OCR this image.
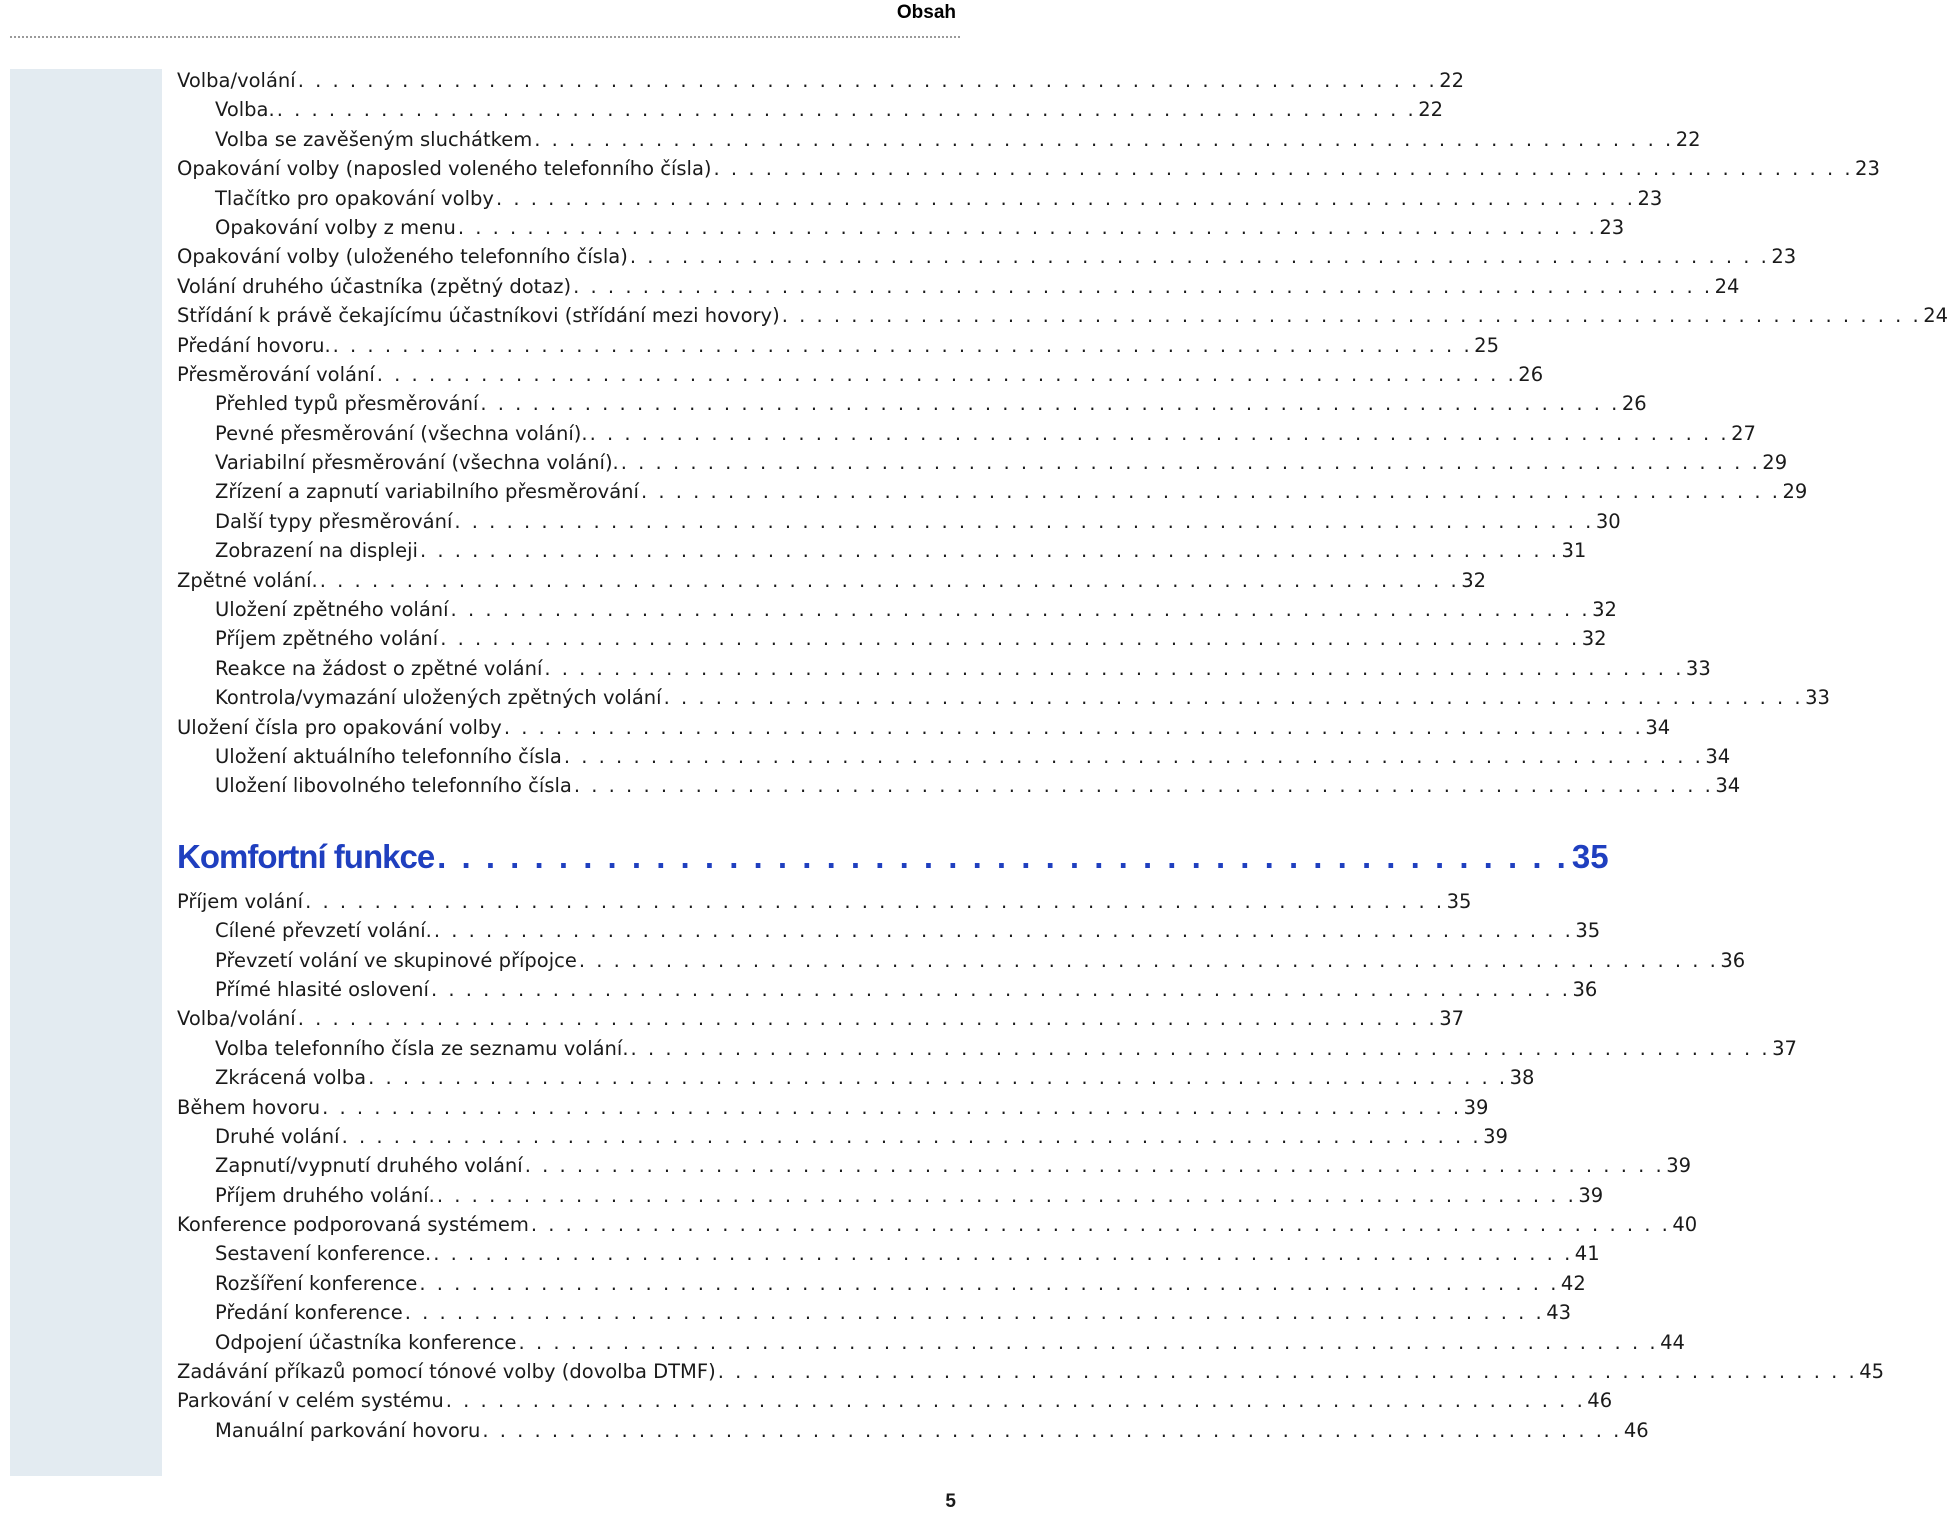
Obsah
Volba/volání . . . . . . . . . . . . . . . . . . . . . . . . . . . . . . . . . . . . . . . . . . . . . . . . . . . . . . . . . . . . . . . . . . 22
Volba. . . . . . . . . . . . . . . . . . . . . . . . . . . . . . . . . . . . . . . . . . . . . . . . . . . . . . . . . . . . . . . . . . . 22
Volba se zavěšeným sluchátkem . . . . . . . . . . . . . . . . . . . . . . . . . . . . . . . . . . . . . . . . . . . . . . . . . . . . . . . . . . . . . . . . . . 22
Opakování volby (naposled voleného telefonního čísla) . . . . . . . . . . . . . . . . . . . . . . . . . . . . . . . . . . . . . . . . . . . . . . . . . . . . . . . . . . . . . . . . . . 23
Tlačítko pro opakování volby . . . . . . . . . . . . . . . . . . . . . . . . . . . . . . . . . . . . . . . . . . . . . . . . . . . . . . . . . . . . . . . . . . 23
Opakování volby z menu . . . . . . . . . . . . . . . . . . . . . . . . . . . . . . . . . . . . . . . . . . . . . . . . . . . . . . . . . . . . . . . . . . 23
Opakování volby (uloženého telefonního čísla) . . . . . . . . . . . . . . . . . . . . . . . . . . . . . . . . . . . . . . . . . . . . . . . . . . . . . . . . . . . . . . . . . . 23
Volání druhého účastníka (zpětný dotaz) . . . . . . . . . . . . . . . . . . . . . . . . . . . . . . . . . . . . . . . . . . . . . . . . . . . . . . . . . . . . . . . . . . 24
Střídání k právě čekajícímu účastníkovi (střídání mezi hovory) . . . . . . . . . . . . . . . . . . . . . . . . . . . . . . . . . . . . . . . . . . . . . . . . . . . . . . . . . . . . . . . . . . 24
Předání hovoru. . . . . . . . . . . . . . . . . . . . . . . . . . . . . . . . . . . . . . . . . . . . . . . . . . . . . . . . . . . . . . . . . . . 25
Přesměrování volání . . . . . . . . . . . . . . . . . . . . . . . . . . . . . . . . . . . . . . . . . . . . . . . . . . . . . . . . . . . . . . . . . . 26
Přehled typů přesměrování . . . . . . . . . . . . . . . . . . . . . . . . . . . . . . . . . . . . . . . . . . . . . . . . . . . . . . . . . . . . . . . . . . 26
Pevné přesměrování (všechna volání). . . . . . . . . . . . . . . . . . . . . . . . . . . . . . . . . . . . . . . . . . . . . . . . . . . . . . . . . . . . . . . . . . . 27
Variabilní přesměrování (všechna volání). . . . . . . . . . . . . . . . . . . . . . . . . . . . . . . . . . . . . . . . . . . . . . . . . . . . . . . . . . . . . . . . . . . 29
Zřízení a zapnutí variabilního přesměrování . . . . . . . . . . . . . . . . . . . . . . . . . . . . . . . . . . . . . . . . . . . . . . . . . . . . . . . . . . . . . . . . . . 29
Další typy přesměrování . . . . . . . . . . . . . . . . . . . . . . . . . . . . . . . . . . . . . . . . . . . . . . . . . . . . . . . . . . . . . . . . . . 30
Zobrazení na displeji . . . . . . . . . . . . . . . . . . . . . . . . . . . . . . . . . . . . . . . . . . . . . . . . . . . . . . . . . . . . . . . . . . 31
Zpětné volání. . . . . . . . . . . . . . . . . . . . . . . . . . . . . . . . . . . . . . . . . . . . . . . . . . . . . . . . . . . . . . . . . . . 32
Uložení zpětného volání . . . . . . . . . . . . . . . . . . . . . . . . . . . . . . . . . . . . . . . . . . . . . . . . . . . . . . . . . . . . . . . . . . 32
Příjem zpětného volání . . . . . . . . . . . . . . . . . . . . . . . . . . . . . . . . . . . . . . . . . . . . . . . . . . . . . . . . . . . . . . . . . . 32
Reakce na žádost o zpětné volání . . . . . . . . . . . . . . . . . . . . . . . . . . . . . . . . . . . . . . . . . . . . . . . . . . . . . . . . . . . . . . . . . . 33
Kontrola/vymazání uložených zpětných volání . . . . . . . . . . . . . . . . . . . . . . . . . . . . . . . . . . . . . . . . . . . . . . . . . . . . . . . . . . . . . . . . . . 33
Uložení čísla pro opakování volby . . . . . . . . . . . . . . . . . . . . . . . . . . . . . . . . . . . . . . . . . . . . . . . . . . . . . . . . . . . . . . . . . . 34
Uložení aktuálního telefonního čísla . . . . . . . . . . . . . . . . . . . . . . . . . . . . . . . . . . . . . . . . . . . . . . . . . . . . . . . . . . . . . . . . . . 34
Uložení libovolného telefonního čísla . . . . . . . . . . . . . . . . . . . . . . . . . . . . . . . . . . . . . . . . . . . . . . . . . . . . . . . . . . . . . . . . . . 34
Komfortní funkce . . . . . . . . . . . . . . . . . . . . . . . . . . . . . . . . . . . . . . . . . . . . . . . 35
Příjem volání . . . . . . . . . . . . . . . . . . . . . . . . . . . . . . . . . . . . . . . . . . . . . . . . . . . . . . . . . . . . . . . . . . 35
Cílené převzetí volání. . . . . . . . . . . . . . . . . . . . . . . . . . . . . . . . . . . . . . . . . . . . . . . . . . . . . . . . . . . . . . . . . . . 35
Převzetí volání ve skupinové přípojce . . . . . . . . . . . . . . . . . . . . . . . . . . . . . . . . . . . . . . . . . . . . . . . . . . . . . . . . . . . . . . . . . . 36
Přímé hlasité oslovení . . . . . . . . . . . . . . . . . . . . . . . . . . . . . . . . . . . . . . . . . . . . . . . . . . . . . . . . . . . . . . . . . . 36
Volba/volání . . . . . . . . . . . . . . . . . . . . . . . . . . . . . . . . . . . . . . . . . . . . . . . . . . . . . . . . . . . . . . . . . . 37
Volba telefonního čísla ze seznamu volání. . . . . . . . . . . . . . . . . . . . . . . . . . . . . . . . . . . . . . . . . . . . . . . . . . . . . . . . . . . . . . . . . . . 37
Zkrácená volba . . . . . . . . . . . . . . . . . . . . . . . . . . . . . . . . . . . . . . . . . . . . . . . . . . . . . . . . . . . . . . . . . . 38
Během hovoru . . . . . . . . . . . . . . . . . . . . . . . . . . . . . . . . . . . . . . . . . . . . . . . . . . . . . . . . . . . . . . . . . . 39
Druhé volání . . . . . . . . . . . . . . . . . . . . . . . . . . . . . . . . . . . . . . . . . . . . . . . . . . . . . . . . . . . . . . . . . . 39
Zapnutí/vypnutí druhého volání . . . . . . . . . . . . . . . . . . . . . . . . . . . . . . . . . . . . . . . . . . . . . . . . . . . . . . . . . . . . . . . . . . 39
Příjem druhého volání. . . . . . . . . . . . . . . . . . . . . . . . . . . . . . . . . . . . . . . . . . . . . . . . . . . . . . . . . . . . . . . . . . . 39
Konference podporovaná systémem . . . . . . . . . . . . . . . . . . . . . . . . . . . . . . . . . . . . . . . . . . . . . . . . . . . . . . . . . . . . . . . . . . 40
Sestavení konference. . . . . . . . . . . . . . . . . . . . . . . . . . . . . . . . . . . . . . . . . . . . . . . . . . . . . . . . . . . . . . . . . . . 41
Rozšíření konference . . . . . . . . . . . . . . . . . . . . . . . . . . . . . . . . . . . . . . . . . . . . . . . . . . . . . . . . . . . . . . . . . . 42
Předání konference . . . . . . . . . . . . . . . . . . . . . . . . . . . . . . . . . . . . . . . . . . . . . . . . . . . . . . . . . . . . . . . . . . 43
Odpojení účastníka konference . . . . . . . . . . . . . . . . . . . . . . . . . . . . . . . . . . . . . . . . . . . . . . . . . . . . . . . . . . . . . . . . . . 44
Zadávání příkazů pomocí tónové volby (dovolba DTMF) . . . . . . . . . . . . . . . . . . . . . . . . . . . . . . . . . . . . . . . . . . . . . . . . . . . . . . . . . . . . . . . . . . 45
Parkování v celém systému . . . . . . . . . . . . . . . . . . . . . . . . . . . . . . . . . . . . . . . . . . . . . . . . . . . . . . . . . . . . . . . . . . 46
Manuální parkování hovoru . . . . . . . . . . . . . . . . . . . . . . . . . . . . . . . . . . . . . . . . . . . . . . . . . . . . . . . . . . . . . . . . . . 46
5
